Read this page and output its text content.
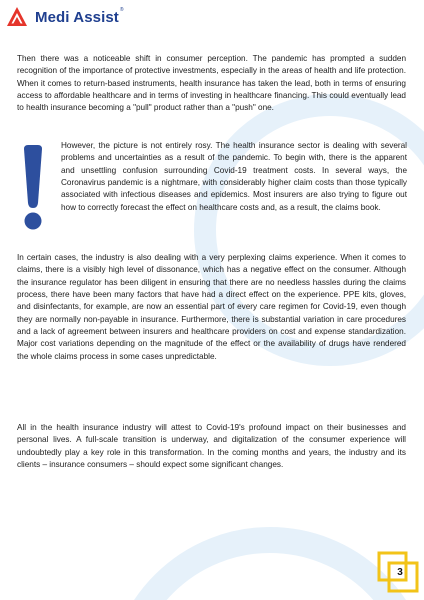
Medi Assist ®

Then there was a noticeable shift in consumer perception. The pandemic has prompted a sudden recognition of the importance of protective investments, especially in the areas of health and life protection. When it comes to return-based instruments, health insurance has taken the lead, both in terms of ensuring access to affordable healthcare and in terms of investing in healthcare financing. This could eventually lead to health insurance becoming a "pull" product rather than a "push" one.

However, the picture is not entirely rosy. The health insurance sector is dealing with several problems and uncertainties as a result of the pandemic. To begin with, there is the apparent and unsettling confusion surrounding Covid-19 treatment costs. In several ways, the Coronavirus pandemic is a nightmare, with considerably higher claim costs than those typically associated with infectious diseases and epidemics. Most insurers are also trying to figure out how to correctly forecast the effect on healthcare costs and, as a result, the claims book.

In certain cases, the industry is also dealing with a very perplexing claims experience. When it comes to claims, there is a visibly high level of dissonance, which has a negative effect on the consumer. Although the insurance regulator has been diligent in ensuring that there are no needless hassles during the claims process, there have been many factors that have had a direct effect on the experience. PPE kits, gloves, and disinfectants, for example, are now an essential part of every care regimen for Covid-19, even though they are normally non-payable in insurance. Furthermore, there is substantial variation in care procedures and a lack of agreement between insurers and healthcare providers on cost and expense standardization. Major cost variations depending on the magnitude of the effect or the availability of drugs have rendered the whole claims process in some cases unpredictable.

All in the health insurance industry will attest to Covid-19's profound impact on their businesses and personal lives. A full-scale transition is underway, and digitalization of the consumer experience will undoubtedly play a key role in this transformation. In the coming months and years, the industry and its clients – insurance consumers – should expect some significant changes.

3
